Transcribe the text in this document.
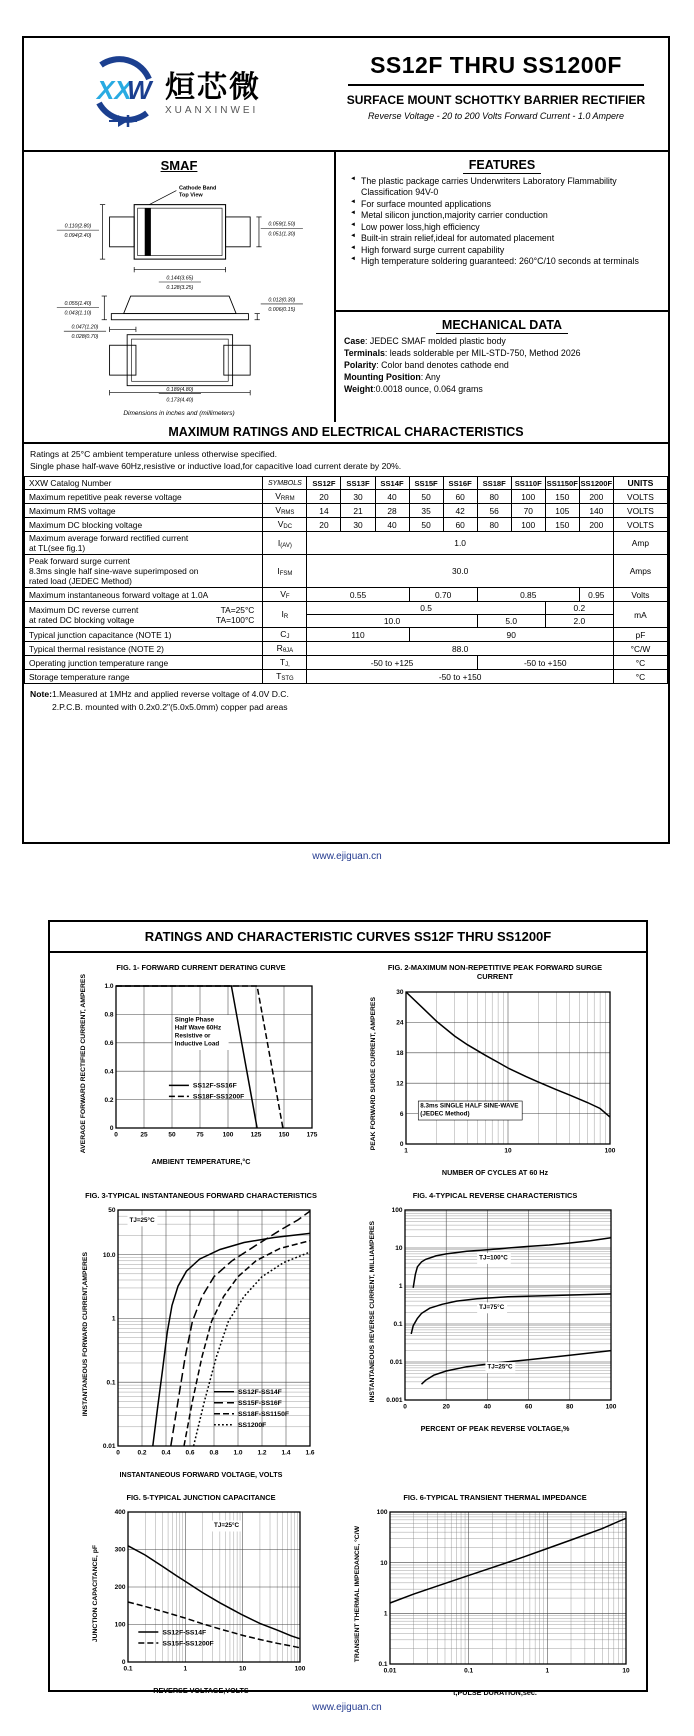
XX
W 烜芯微
XUANXINWEI
SS12F THRU SS1200F
SURFACE MOUNT SCHOTTKY BARRIER RECTIFIER
Reverse Voltage - 20 to 200 Volts Forward Current - 1.0 Ampere
SMAF
Cathode Band
Top View
0.110(2.80)
0.094(2.40)
0.059(1.50)
0.051(1.30)
0.144(3.65)
0.128(3.25)
0.055(1.40)
0.043(1.10)
0.012(0.30)
0.006(0.15)
0.047(1.20)
0.028(0.70)
0.189(4.80)
0.173(4.40)
Dimensions in inches and (millimeters)
FEATURES
◄ The plastic package carries Underwriters Laboratory Flammability Classification 94V-0
◄ For surface mounted applications
◄ Metal silicon junction,majority carrier conduction
◄ Low power loss,high efficiency
◄ Built-in strain relief,ideal for automated placement
◄ High forward surge current capability
◄ High temperature soldering guaranteed: 260°C/10 seconds at terminals
MECHANICAL DATA
Case: JEDEC SMAF molded plastic body
Terminals: leads solderable per MIL-STD-750, Method 2026
Polarity: Color band denotes cathode end
Mounting Position: Any
Weight:0.0018 ounce, 0.064 grams
MAXIMUM RATINGS AND ELECTRICAL CHARACTERISTICS
Ratings at 25°C ambient temperature unless otherwise specified.
Single phase half-wave 60Hz,resistive or inductive load,for capacitive load current derate by 20%.
XXW Catalog Number	SYMBOLS	SS12F	SS13F	SS14F	SS15F	SS16F	SS18F	SS110F	SS1150F	SS1200F	UNITS

Maximum repetitive peak reverse voltage	VRRM	20	30	40	50	60	80	100	150	200	VOLTS

Maximum RMS voltage	VRMS	14	21	28	35	42	56	70	105	140	VOLTS

Maximum DC blocking voltage	VDC	20	30	40	50	60	80	100	150	200	VOLTS

Maximum average forward rectified current
at TL(see fig.1)	I(AV)	1.0									Amp

Peak forward surge current
8.3ms single half sine-wave superimposed on
rated load (JEDEC Method)	IFSM	30.0									Amps

Maximum instantaneous forward voltage at 1.0A	VF	0.55			0.70		0.85			0.95	Volts

Maximum DC reverse current TA=25°C
at rated DC blocking voltage TA=100°C	IR	0.5							0.2		mA
		10.0					5.0		2.0		

Typical junction capacitance (NOTE 1)	CJ	110			90						pF

Typical thermal resistance (NOTE 2)	RθJA	88.0									°C/W

Operating junction temperature range	TJ,	-50 to +125					-50 to +150				°C

Storage temperature range	TSTG	-50 to +150									°C
Note:1.Measured at 1MHz and applied reverse voltage of 4.0V D.C.
2.P.C.B. mounted with 0.2x0.2"(5.0x5.0mm) copper pad areas
www.ejiguan.cn
RATINGS AND CHARACTERISTIC CURVES SS12F THRU SS1200F
FIG. 1- FORWARD CURRENT DERATING CURVE
AVERAGE FORWARD RECTIFIED CURRENT, AMPERES	0	25	50	75	100	125	150	175
0
0.2
0.4
0.6
0.8
1.0
Single Phase
Half Wave 60Hz
Resistive or
Inductive Load
SS12F-SS16F
SS18F-SS1200F
AMBIENT TEMPERATURE,°C
FIG. 2-MAXIMUM NON-REPETITIVE PEAK FORWARD SURGE CURRENT
PEAK FORWARD SURGE CURRENT, AMPERES	1	10	100
0
6
12
18
24
30
8.3ms SINGLE HALF SINE-WAVE
(JEDEC Method)
NUMBER OF CYCLES AT 60 Hz
FIG. 3-TYPICAL INSTANTANEOUS FORWARD CHARACTERISTICS
INSTANTANEOUS FORWARD CURRENT,AMPERES
0	0.2 0.4 0.6 0.8 1.0 1.2 1.4 1.6
50
10.0
1
0.1
0.01
TJ=25°C
SS12F-SS14F
SS15F-SS16F
SS18F-SS1150F
SS1200F
INSTANTANEOUS FORWARD VOLTAGE, VOLTS
FIG. 4-TYPICAL REVERSE CHARACTERISTICS
INSTANTANEOUS REVERSE CURRENT, MILLIAMPERES
0	20	40	60	80	100
100
10
1
0.1
0.01
0.001
TJ=100°C
TJ=75°C
TJ=25°C
PERCENT OF PEAK REVERSE VOLTAGE,%
FIG. 5-TYPICAL JUNCTION CAPACITANCE
JUNCTION CAPACITANCE, pF
0.1	1	10	100
0
100
200
300
400
TJ=25°C
SS12F-SS14F
SS15F-SS1200F
REVERSE VOLTAGE,VOLTS
FIG. 6-TYPICAL TRANSIENT THERMAL IMPEDANCE
TRANSIENT THERMAL IMPEDANCE, °C/W
0.01	0.1	1	10
100
10
1
0.1
t,PULSE DURATION,sec.
www.ejiguan.cn
